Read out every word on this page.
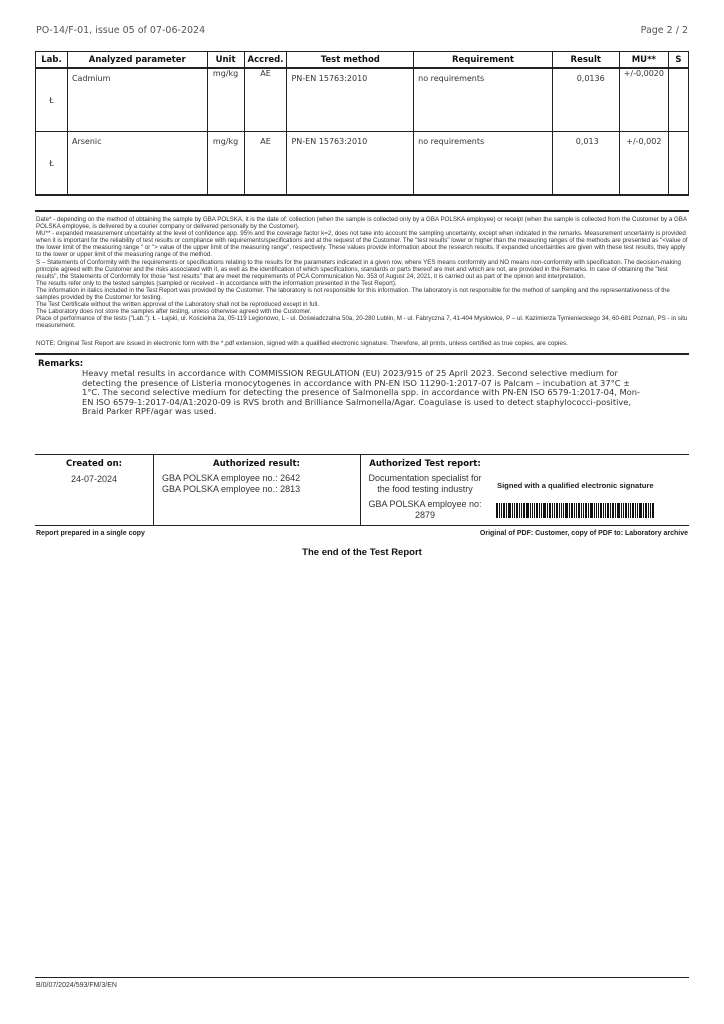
PO-14/F-01, issue 05 of 07-06-2024	Page 2 / 2
Lab.	Analyzed parameter	Unit	Accred.	Test method	Requirement	Result	MU**	S
Ł	Cadmium	mg/kg	AE	PN-EN 15763:2010	no requirements	0,0136	+/-0,0020	
Ł	Arsenic	mg/kg	AE	PN-EN 15763:2010	no requirements	0,013	+/-0,002	

Date* - depending on the method of obtaining the sample by GBA POLSKA, it is the date of: collection (when the sample is collected only by a GBA POLSKA employee) or receipt (when the sample is collected from the Customer by a GBA POLSKA employee, is delivered by a courier company or delivered personally by the Customer).

MU** - expanded measurement uncertainty at the level of confidence app. 95% and the coverage factor k=2, does not take into account the sampling uncertainty, except when indicated in the remarks. Measurement uncertainty is provided when it is important for the reliability of test results or compliance with requirements/specifications and at the request of the Customer. The "test results" lower or higher than the measuring ranges of the methods are presented as "<value of the lower limit of the measuring range " or "> value of the upper limit of the measuring range", respectively. These values provide information about the research results. If expanded uncertainties are given with these test results, they apply to the lower or upper limit of the measuring range of the method.

S – Statements of Conformity with the requirements or specifications relating to the results for the parameters indicated in a given row, where YES means conformity and NO means non-conformity with specification. The decision-making principle agreed with the Customer and the risks associated with it, as well as the identification of which specifications, standards or parts thereof are met and which are not, are provided in the Remarks. In case of obtaining the "test results", the Statements of Conformity for those "test results" that are meet the requirements of PCA Communication No. 353 of August 24, 2021, it is carried out as part of the opinion and interpretation.

The results refer only to the tested samples (sampled or received - in accordance with the information presented in the Test Report).

The information in italics included in the Test Report was provided by the Customer. The laboratory is not responsible for this information. The laboratory is not responsible for the method of sampling and the representativeness of the samples provided by the Customer for testing.

The Test Certificate without the written approval of the Laboratory shall not be reproduced except in full.

The Laboratory does not store the samples after testing, unless otherwise agreed with the Customer.

Place of performance of the tests ("Lab."): Ł - Łajski, ul. Kościelna 2a, 05-119 Legionowo, L - ul. Doświadczalna 50a, 20-280 Lublin, M - ul. Fabryczna 7, 41-404 Mysłowice, P – ul. Kazimierza Tymienieckiego 34, 60-681 Poznań, PS - in situ measurement.

NOTE: Original Test Report are issued in electronic form with the *.pdf extension, signed with a qualified electronic signature. Therefore, all prints, unless certified as true copies, are copies.
Remarks:
Heavy metal results in accordance with COMMISSION REGULATION (EU) 2023/915 of 25 April 2023. Second selective medium for detecting the presence of Listeria monocytogenes in accordance with PN-EN ISO 11290-1:2017-07 is Palcam – incubation at 37°C ± 1°C. The second selective medium for detecting the presence of Salmonella spp. in accordance with PN-EN ISO 6579-1:2017-04, Mon-EN ISO 6579-1:2017-04/A1:2020-09 is RVS broth and Brilliance Salmonella/Agar. Coagulase is used to detect staphylococci-positive, Braid Parker RPF/agar was used.
Created on:
24-07-2024
Authorized result:
GBA POLSKA employee no.: 2642
GBA POLSKA employee no.: 2813
Authorized Test report:
Documentation specialist for the food testing industry
GBA POLSKA employee no: 2879
Signed with a qualified electronic signature
Report prepared in a single copy	Original of PDF: Customer, copy of PDF to: Laboratory archive
The end of the Test Report
B/0/07/2024/593/FM/3/EN
